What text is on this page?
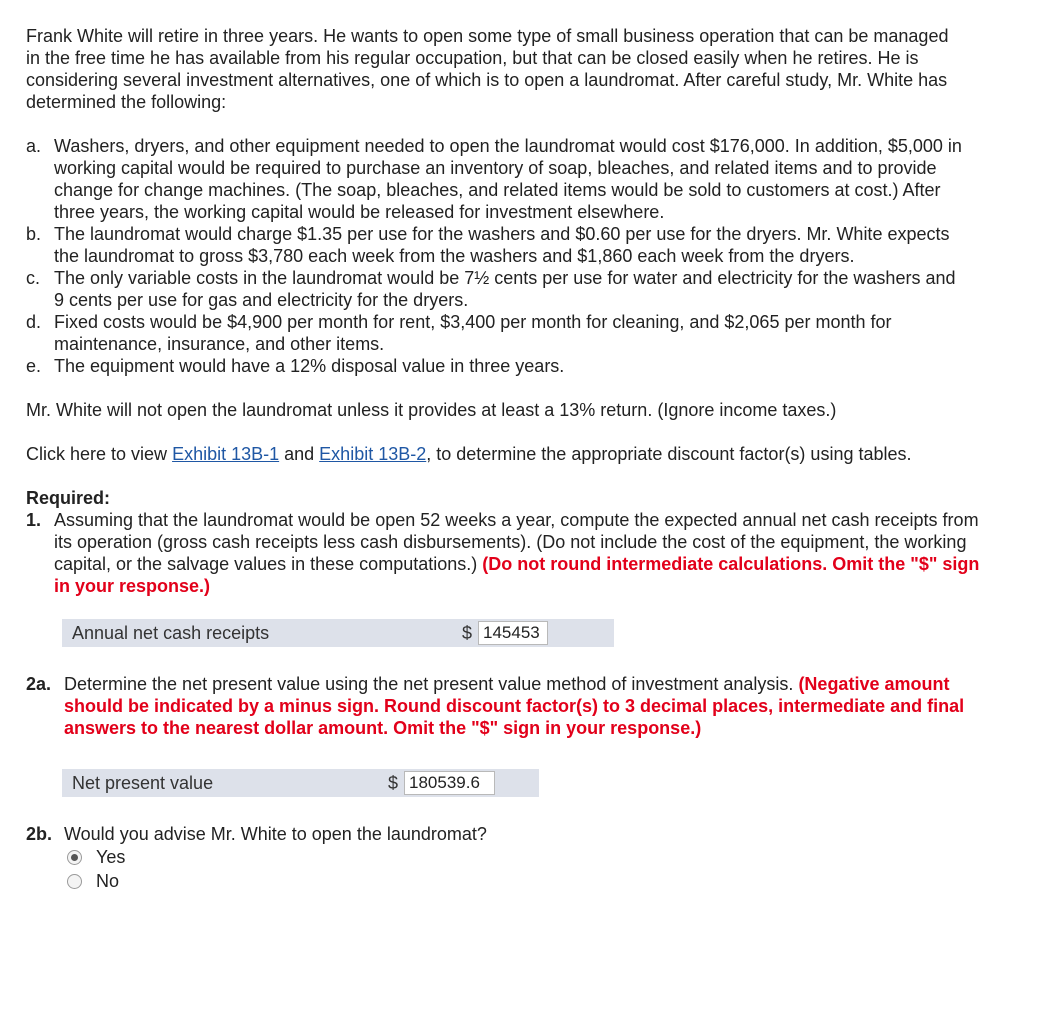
Frank White will retire in three years. He wants to open some type of small business operation that can be managed in the free time he has available from his regular occupation, but that can be closed easily when he retires. He is considering several investment alternatives, one of which is to open a laundromat. After careful study, Mr. White has determined the following:

a. Washers, dryers, and other equipment needed to open the laundromat would cost $176,000. In addition, $5,000 in working capital would be required to purchase an inventory of soap, bleaches, and related items and to provide change for change machines. (The soap, bleaches, and related items would be sold to customers at cost.) After three years, the working capital would be released for investment elsewhere.
b. The laundromat would charge $1.35 per use for the washers and $0.60 per use for the dryers. Mr. White expects the laundromat to gross $3,780 each week from the washers and $1,860 each week from the dryers.
c. The only variable costs in the laundromat would be 7½ cents per use for water and electricity for the washers and 9 cents per use for gas and electricity for the dryers.
d. Fixed costs would be $4,900 per month for rent, $3,400 per month for cleaning, and $2,065 per month for maintenance, insurance, and other items.
e. The equipment would have a 12% disposal value in three years.

Mr. White will not open the laundromat unless it provides at least a 13% return. (Ignore income taxes.)

Click here to view Exhibit 13B-1 and Exhibit 13B-2, to determine the appropriate discount factor(s) using tables.

Required:

1. Assuming that the laundromat would be open 52 weeks a year, compute the expected annual net cash receipts from its operation (gross cash receipts less cash disbursements). (Do not include the cost of the equipment, the working capital, or the salvage values in these computations.) (Do not round intermediate calculations. Omit the "$" sign in your response.)
Annual net cash receipts	$
145453
2a. Determine the net present value using the net present value method of investment analysis. (Negative amount should be indicated by a minus sign. Round discount factor(s) to 3 decimal places, intermediate and final answers to the nearest dollar amount. Omit the "$" sign in your response.)
Net present value	$
180539.6
2b. Would you advise Mr. White to open the laundromat?
Yes
No
